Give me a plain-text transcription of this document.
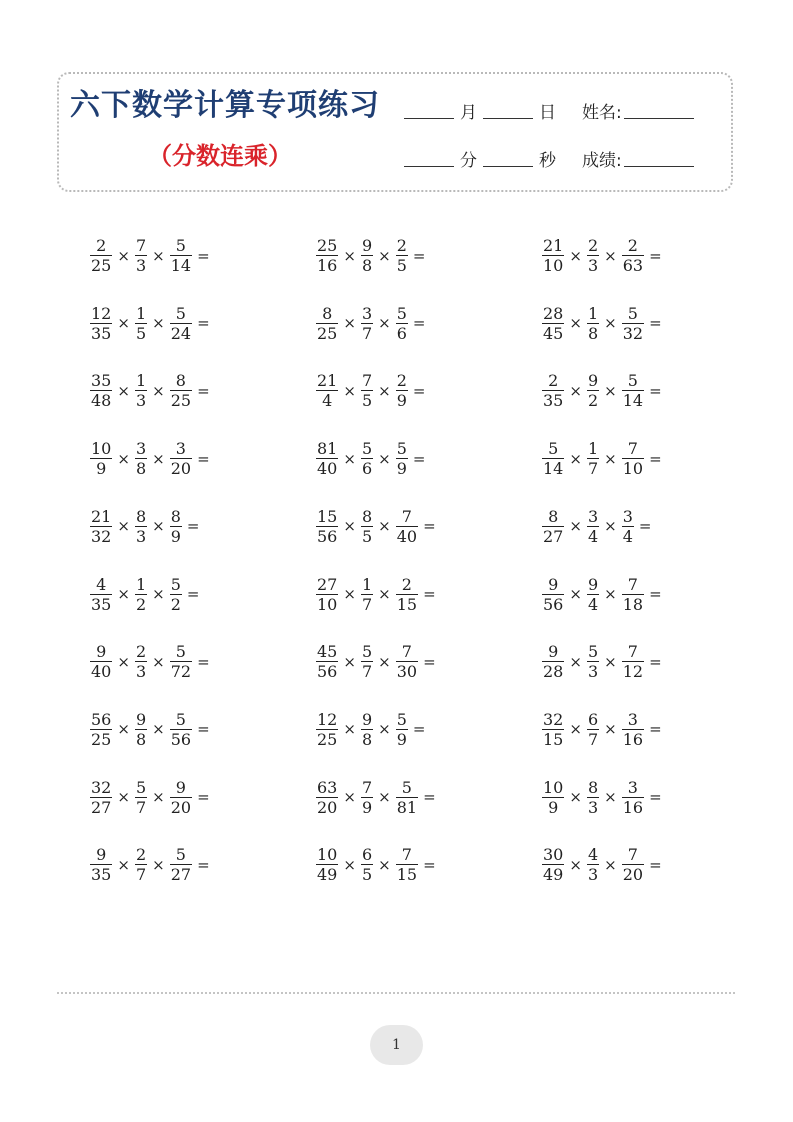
六下数学计算专项练习
（分数连乘）
月	日 姓名:
分	秒 成绩:
$\frac{2}{25} \times \frac{7}{3} \times \frac{5}{14}$ =	$\frac{25}{16} \times \frac{9}{8} \times \frac{2}{5}$ =	$\frac{21}{10} \times \frac{2}{3} \times \frac{2}{63}$ =
$\frac{12}{35} \times \frac{1}{5} \times \frac{5}{24}$ =	$\frac{8}{25} \times \frac{3}{7} \times \frac{5}{6}$ =	$\frac{28}{45} \times \frac{1}{8} \times \frac{5}{32}$ =
$\frac{35}{48} \times \frac{1}{3} \times \frac{8}{25}$ =	$\frac{21}{4} \times \frac{7}{5} \times \frac{2}{9}$ =	$\frac{2}{35} \times \frac{9}{2} \times \frac{5}{14}$ =
$\frac{10}{9} \times \frac{3}{8} \times \frac{3}{20}$ =	$\frac{81}{40} \times \frac{5}{6} \times \frac{5}{9}$ =	$\frac{5}{14} \times \frac{1}{7} \times \frac{7}{10}$ =
$\frac{21}{32} \times \frac{8}{3} \times \frac{8}{9}$ =	$\frac{15}{56} \times \frac{8}{5} \times \frac{7}{40}$ =	$\frac{8}{27} \times \frac{3}{4} \times \frac{3}{4}$ =
$\frac{4}{35} \times \frac{1}{2} \times \frac{5}{2}$ =	$\frac{27}{10} \times \frac{1}{7} \times \frac{2}{15}$ =	$\frac{9}{56} \times \frac{9}{4} \times \frac{7}{18}$ =
$\frac{9}{40} \times \frac{2}{3} \times \frac{5}{72}$ =	$\frac{45}{56} \times \frac{5}{7} \times \frac{7}{30}$ =	$\frac{9}{28} \times \frac{5}{3} \times \frac{7}{12}$ =
$\frac{56}{25} \times \frac{9}{8} \times \frac{5}{56}$ =	$\frac{12}{25} \times \frac{9}{8} \times \frac{5}{9}$ =	$\frac{32}{15} \times \frac{6}{7} \times \frac{3}{16}$ =
$\frac{32}{27} \times \frac{5}{7} \times \frac{9}{20}$ =	$\frac{63}{20} \times \frac{7}{9} \times \frac{5}{81}$ =	$\frac{10}{9} \times \frac{8}{3} \times \frac{3}{16}$ =
$\frac{9}{35} \times \frac{2}{7} \times \frac{5}{27}$ =	$\frac{10}{49} \times \frac{6}{5} \times \frac{7}{15}$ =	$\frac{30}{49} \times \frac{4}{3} \times \frac{7}{20}$ =
1
